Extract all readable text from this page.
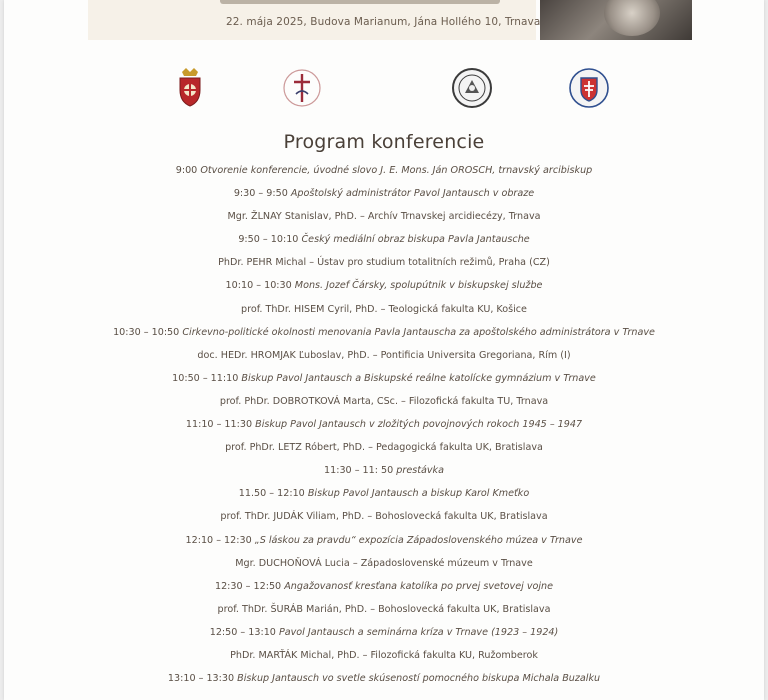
22. mája 2025, Budova Marianum, Jána Hollého 10, Trnava
Program konferencie
9:00 Otvorenie konferencie, úvodné slovo J. E. Mons. Ján OROSCH, trnavský arcibiskup
9:30 – 9:50 Apoštolský administrátor Pavol Jantausch v obraze
Mgr. ŽLNAY Stanislav, PhD. – Archív Trnavskej arcidiecézy, Trnava
9:50 – 10:10 Český mediální obraz biskupa Pavla Jantausche
PhDr. PEHR Michal – Ústav pro studium totalitních režimů, Praha (CZ)
10:10 – 10:30 Mons. Jozef Čársky, spolupútnik v biskupskej službe
prof. ThDr. HISEM Cyril, PhD. – Teologická fakulta KU, Košice
10:30 – 10:50 Cirkevno-politické okolnosti menovania Pavla Jantauscha za apoštolského administrátora v Trnave
doc. HEDr. HROMJAK Ľuboslav, PhD. – Pontificia Universita Gregoriana, Rím (I)
10:50 – 11:10 Biskup Pavol Jantausch a Biskupské reálne katolícke gymnázium v Trnave
prof. PhDr. DOBROTKOVÁ Marta, CSc. – Filozofická fakulta TU, Trnava
11:10 – 11:30 Biskup Pavol Jantausch v zložitých povojnových rokoch 1945 – 1947
prof. PhDr. LETZ Róbert, PhD. – Pedagogická fakulta UK, Bratislava
11:30 – 11: 50 prestávka
11.50 – 12:10 Biskup Pavol Jantausch a biskup Karol Kmeťko
prof. ThDr. JUDÁK Viliam, PhD. – Bohoslovecká fakulta UK, Bratislava
12:10 – 12:30 „S láskou za pravdu“ expozícia Západoslovenského múzea v Trnave
Mgr. DUCHOŇOVÁ Lucia – Západoslovenské múzeum v Trnave
12:30 – 12:50 Angažovanosť kresťana katolíka po prvej svetovej vojne
prof. ThDr. ŠURÁB Marián, PhD. – Bohoslovecká fakulta UK, Bratislava
12:50 – 13:10 Pavol Jantausch a seminárna kríza v Trnave (1923 – 1924)
PhDr. MARŤÁK Michal, PhD. – Filozofická fakulta KU, Ružomberok
13:10 – 13:30 Biskup Jantausch vo svetle skúseností pomocného biskupa Michala Buzalku
